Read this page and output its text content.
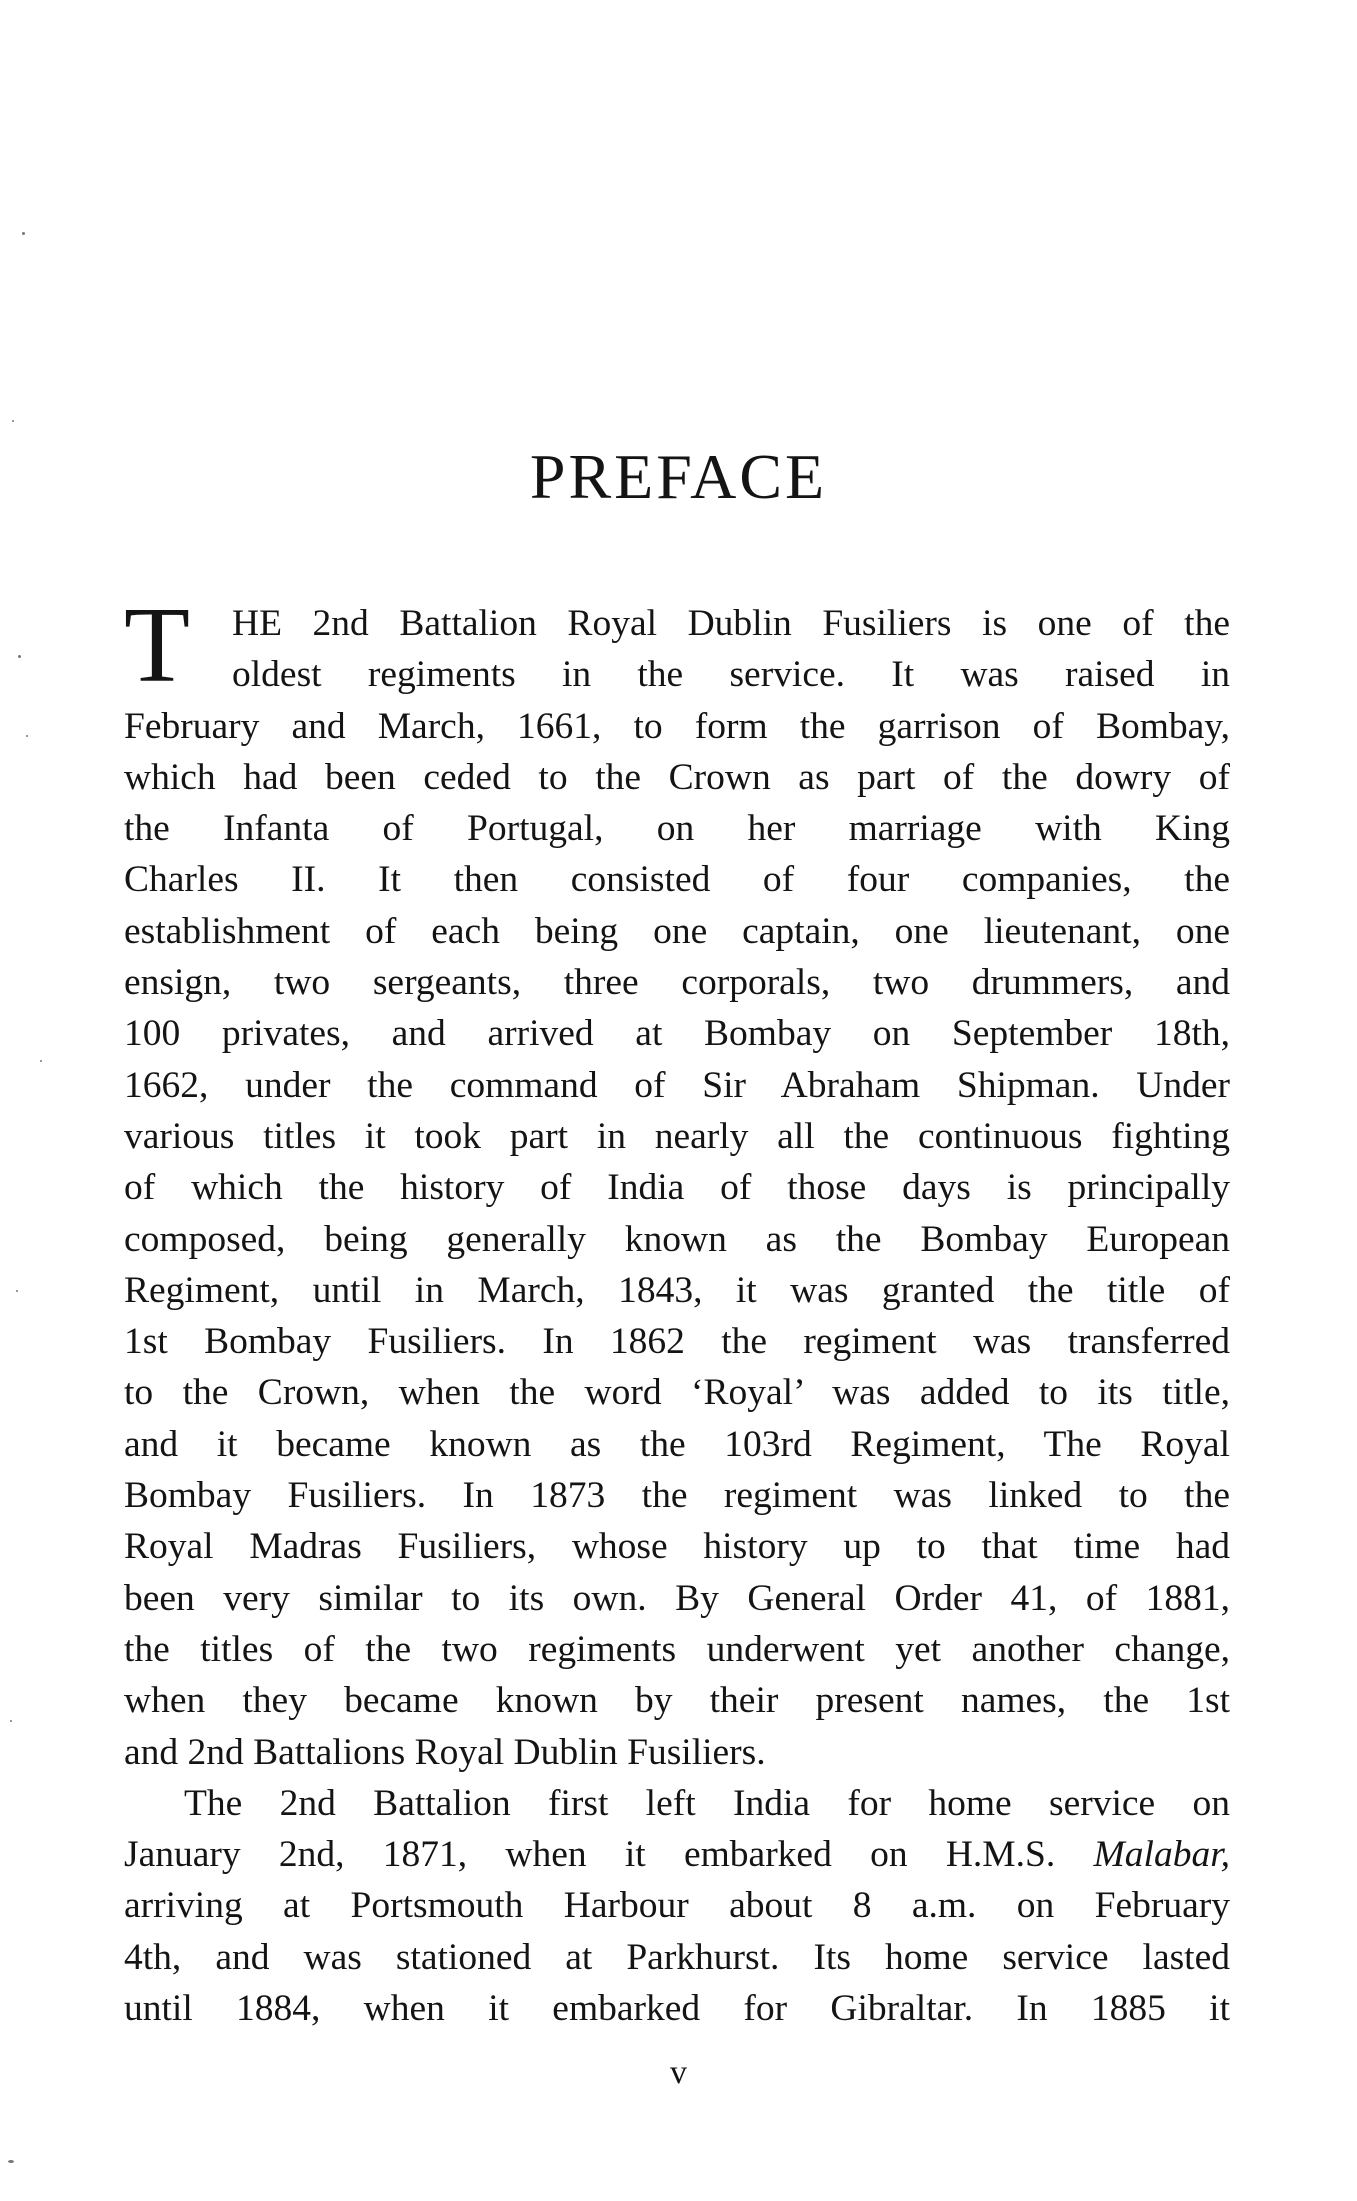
PREFACE
T	HE 2nd Battalion Royal Dublin Fusiliers is one of the
oldest regiments in the service. It was raised in
February and March, 1661, to form the garrison of Bombay,
which had been ceded to the Crown as part of the dowry of
the Infanta of Portugal, on her marriage with King
Charles II. It then consisted of four companies, the
establishment of each being one captain, one lieutenant, one
ensign, two sergeants, three corporals, two drummers, and
100 privates, and arrived at Bombay on September 18th,
1662, under the command of Sir Abraham Shipman. Under
various titles it took part in nearly all the continuous fighting
of which the history of India of those days is principally
composed, being generally known as the Bombay European
Regiment, until in March, 1843, it was granted the title of
1st Bombay Fusiliers. In 1862 the regiment was transferred
to the Crown, when the word ‘Royal’ was added to its title,
and it became known as the 103rd Regiment, The Royal
Bombay Fusiliers. In 1873 the regiment was linked to the
Royal Madras Fusiliers, whose history up to that time had
been very similar to its own. By General Order 41, of 1881,
the titles of the two regiments underwent yet another change,
when they became known by their present names, the 1st
and 2nd Battalions Royal Dublin Fusiliers.
The 2nd Battalion first left India for home service on
January 2nd, 1871, when it embarked on H.M.S. Malabar,
arriving at Portsmouth Harbour about 8 a.m. on February
4th, and was stationed at Parkhurst. Its home service lasted
until 1884, when it embarked for Gibraltar. In 1885 it
v
